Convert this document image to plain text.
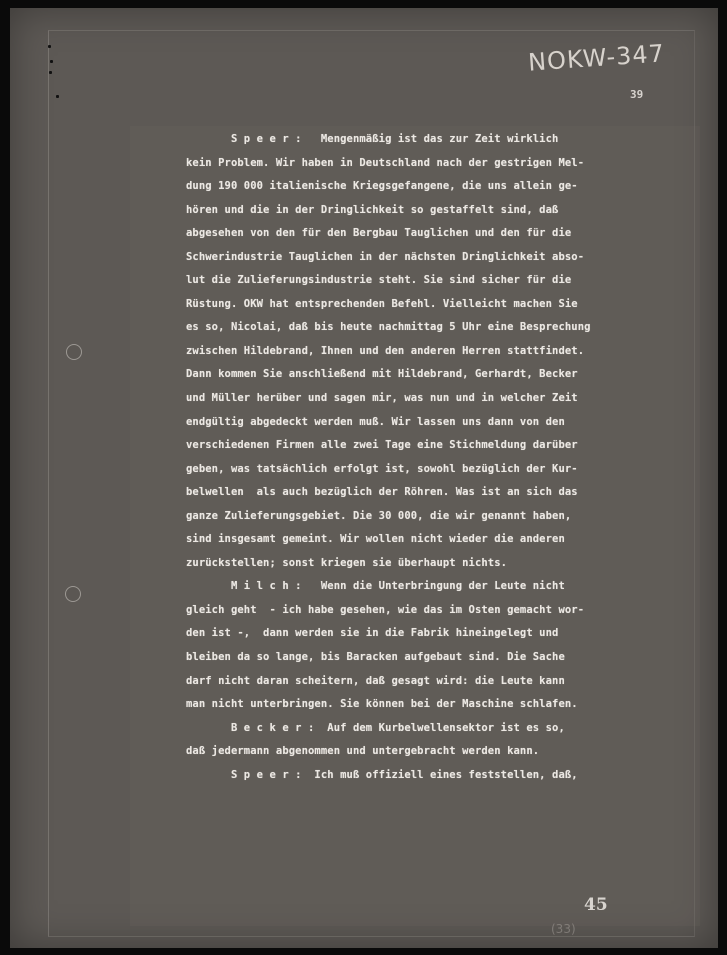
NOKW-347
39
S p e e r :   Mengenmäßig ist das zur Zeit wirklich
kein Problem. Wir haben in Deutschland nach der gestrigen Mel-
dung 190 000 italienische Kriegsgefangene, die uns allein ge-
hören und die in der Dringlichkeit so gestaffelt sind, daß
abgesehen von den für den Bergbau Tauglichen und den für die
Schwerindustrie Tauglichen in der nächsten Dringlichkeit abso-
lut die Zulieferungsindustrie steht. Sie sind sicher für die
Rüstung. OKW hat entsprechenden Befehl. Vielleicht machen Sie
es so, Nicolai, daß bis heute nachmittag 5 Uhr eine Besprechung
zwischen Hildebrand, Ihnen und den anderen Herren stattfindet.
Dann kommen Sie anschließend mit Hildebrand, Gerhardt, Becker
und Müller herüber und sagen mir, was nun und in welcher Zeit
endgültig abgedeckt werden muß. Wir lassen uns dann von den
verschiedenen Firmen alle zwei Tage eine Stichmeldung darüber
geben, was tatsächlich erfolgt ist, sowohl bezüglich der Kur-
belwellen  als auch bezüglich der Röhren. Was ist an sich das
ganze Zulieferungsgebiet. Die 30 000, die wir genannt haben,
sind insgesamt gemeint. Wir wollen nicht wieder die anderen
zurückstellen; sonst kriegen sie überhaupt nichts.
M i l c h :   Wenn die Unterbringung der Leute nicht
gleich geht  - ich habe gesehen, wie das im Osten gemacht wor-
den ist -,  dann werden sie in die Fabrik hineingelegt und
bleiben da so lange, bis Baracken aufgebaut sind. Die Sache
darf nicht daran scheitern, daß gesagt wird: die Leute kann
man nicht unterbringen. Sie können bei der Maschine schlafen.
B e c k e r :  Auf dem Kurbelwellensektor ist es so,
daß jedermann abgenommen und untergebracht werden kann.
S p e e r :  Ich muß offiziell eines feststellen, daß,
45
(33)
